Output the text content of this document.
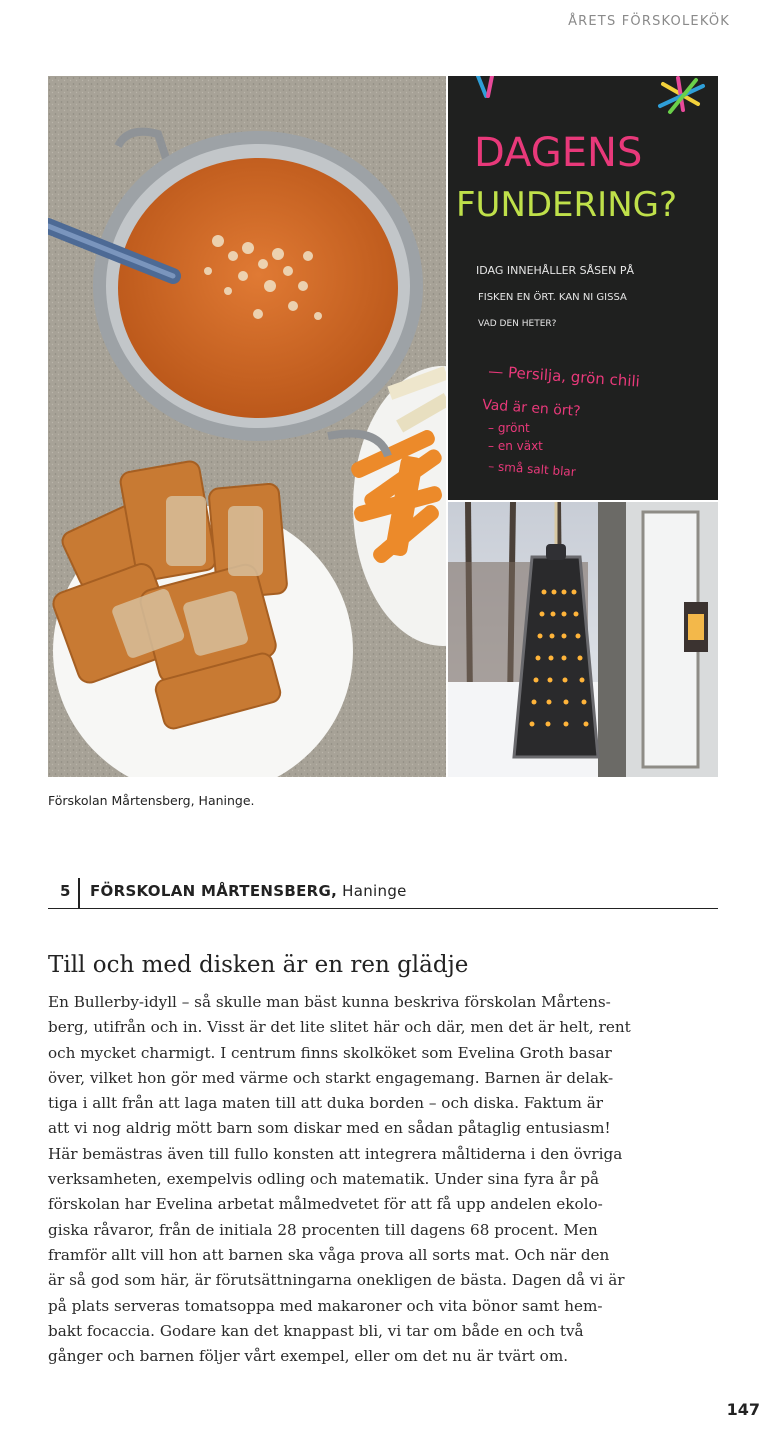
ÅRETS FÖRSKOLEKÖK
DAGENS
FUNDERING?
IDAG INNEHÅLLER SÅSEN PÅ
FISKEN EN ÖRT. KAN NI GISSA
VAD DEN HETER?
— Persilja, grön chili
Vad är en ört?
– grönt
– en växt
– små salt blar
Förskolan Mårtensberg, Haninge.
5 FÖRSKOLAN MÅRTENSBERG, Haninge
Till och med disken är en ren glädje
En Bullerby-idyll – så skulle man bäst kunna beskriva förskolan Mårtens-
berg, utifrån och in. Visst är det lite slitet här och där, men det är helt, rent
och mycket charmigt. I centrum finns skolköket som Evelina Groth basar
över, vilket hon gör med värme och starkt engagemang. Barnen är delak-
tiga i allt från att laga maten till att duka borden – och diska. Faktum är
att vi nog aldrig mött barn som diskar med en sådan påtaglig entusiasm!
Här bemästras även till fullo konsten att integrera måltiderna i den övriga
verksamheten, exempelvis odling och matematik. Under sina fyra år på
förskolan har Evelina arbetat målmedvetet för att få upp andelen ekolo-
giska råvaror, från de initiala 28 procenten till dagens 68 procent. Men
framför allt vill hon att barnen ska våga prova all sorts mat. Och när den
är så god som här, är förutsättningarna onekligen de bästa. Dagen då vi är
på plats serveras tomatsoppa med makaroner och vita bönor samt hem-
bakt focaccia. Godare kan det knappast bli, vi tar om både en och två
gånger och barnen följer vårt exempel, eller om det nu är tvärt om.
147
